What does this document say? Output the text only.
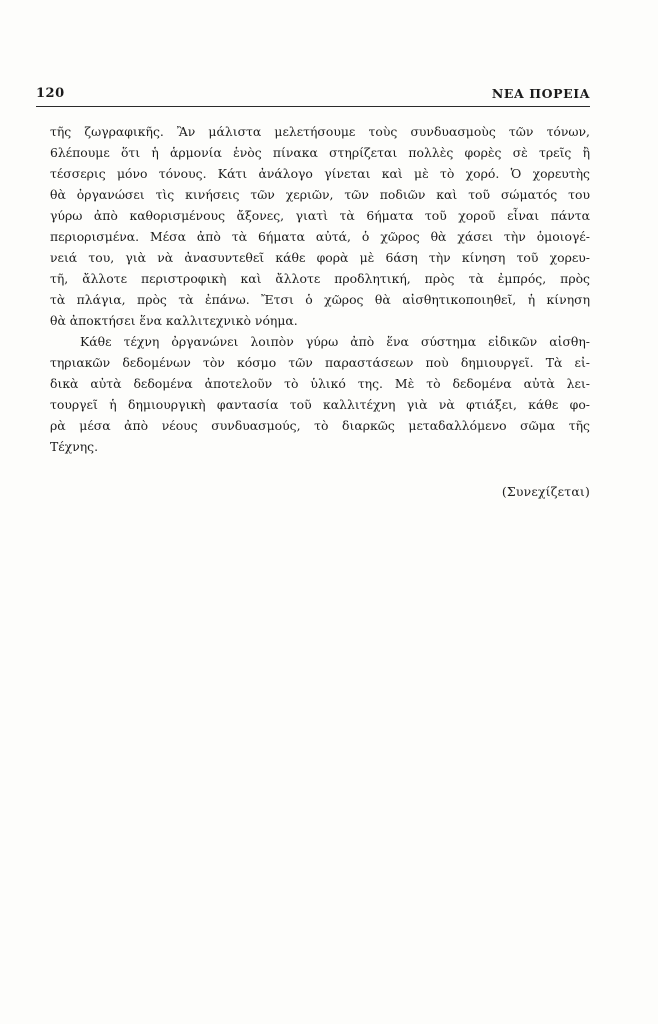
120	ΝΕΑ ΠΟΡΕΙΑ
τῆς ζωγραφικῆς. Ἂν μάλιστα μελετήσουμε τοὺς συνδυασμοὺς τῶν τόνων,
6λέπουμε ὅτι ἡ ἁρμονία ἑνὸς πίνακα στηρίζεται πολλὲς φορὲς σὲ τρεῖς ἢ
τέσσερις μόνο τόνους. Κάτι ἀνάλογο γίνεται καὶ μὲ τὸ χορό. Ὁ χορευτὴς
θὰ ὀργανώσει τὶς κινήσεις τῶν χεριῶν, τῶν ποδιῶν καὶ τοῦ σώματός του
γύρω ἀπὸ καθορισμένους ἄξονες, γιατὶ τὰ 6ήματα τοῦ χοροῦ εἶναι πάντα
περιορισμένα. Μέσα ἀπὸ τὰ 6ήματα αὐτά, ὁ χῶρος θὰ χάσει τὴν ὁμοιογέ-
νειά του, γιὰ νὰ ἀνασυντεθεῖ κάθε φορὰ μὲ 6άση τὴν κίνηση τοῦ χορευ-
τῆ, ἄλλοτε περιστροφικὴ καὶ ἄλλοτε προδλητική, πρὸς τὰ ἐμπρός, πρὸς
τὰ πλάγια, πρὸς τὰ ἐπάνω. Ἔτσι ὁ χῶρος θὰ αἰσθητικοποιηθεῖ, ἡ κίνηση
θὰ ἀποκτήσει ἕνα καλλιτεχνικὸ νόημα.
Κάθε τέχνη ὀργανώνει λοιπὸν γύρω ἀπὸ ἕνα σύστημα εἰδικῶν αἰσθη-
τηριακῶν δεδομένων τὸν κόσμο τῶν παραστάσεων ποὺ δημιουργεῖ. Τὰ εἰ-
δικὰ αὐτὰ δεδομένα ἀποτελοῦν τὸ ὑλικό της. Μὲ τὸ δεδομένα αὐτὰ λει-
τουργεῖ ἡ δημιουργικὴ φαντασία τοῦ καλλιτέχνη γιὰ νὰ φτιάξει, κάθε φο-
ρὰ μέσα ἀπὸ νέους συνδυασμούς, τὸ διαρκῶς μεταδαλλόμενο σῶμα τῆς
Τέχνης.
(Συνεχίζεται)
